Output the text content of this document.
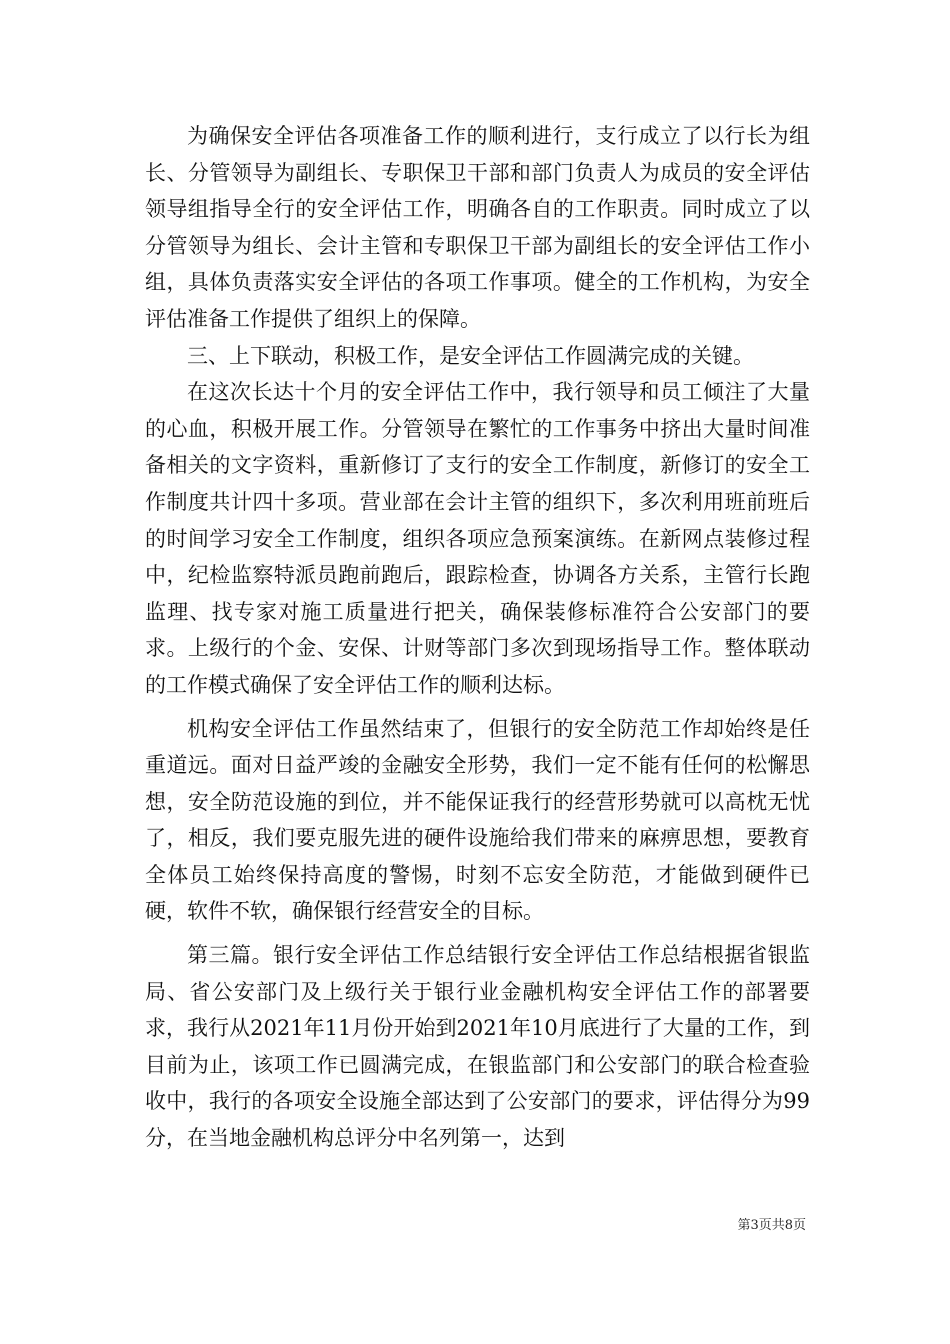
为确保安全评估各项准备工作的顺利进行，支行成立了以行长为组长、分管领导为副组长、专职保卫干部和部门负责人为成员的安全评估领导组指导全行的安全评估工作，明确各自的工作职责。同时成立了以分管领导为组长、会计主管和专职保卫干部为副组长的安全评估工作小组，具体负责落实安全评估的各项工作事项。健全的工作机构，为安全评估准备工作提供了组织上的保障。

三、上下联动，积极工作，是安全评估工作圆满完成的关键。

在这次长达十个月的安全评估工作中，我行领导和员工倾注了大量的心血，积极开展工作。分管领导在繁忙的工作事务中挤出大量时间准备相关的文字资料，重新修订了支行的安全工作制度，新修订的安全工作制度共计四十多项。营业部在会计主管的组织下，多次利用班前班后的时间学习安全工作制度，组织各项应急预案演练。在新网点装修过程中，纪检监察特派员跑前跑后，跟踪检查，协调各方关系，主管行长跑监理、找专家对施工质量进行把关，确保装修标准符合公安部门的要求。上级行的个金、安保、计财等部门多次到现场指导工作。整体联动的工作模式确保了安全评估工作的顺利达标。

机构安全评估工作虽然结束了，但银行的安全防范工作却始终是任重道远。面对日益严竣的金融安全形势，我们一定不能有任何的松懈思想，安全防范设施的到位，并不能保证我行的经营形势就可以高枕无忧了，相反，我们要克服先进的硬件设施给我们带来的麻痹思想，要教育全体员工始终保持高度的警惕，时刻不忘安全防范，才能做到硬件已硬，软件不软，确保银行经营安全的目标。

第三篇。银行安全评估工作总结银行安全评估工作总结根据省银监局、省公安部门及上级行关于银行业金融机构安全评估工作的部署要求，我行从2021年11月份开始到2021年10月底进行了大量的工作，到目前为止，该项工作已圆满完成，在银监部门和公安部门的联合检查验收中，我行的各项安全设施全部达到了公安部门的要求，评估得分为99分，在当地金融机构总评分中名列第一，达到

第3页共8页
